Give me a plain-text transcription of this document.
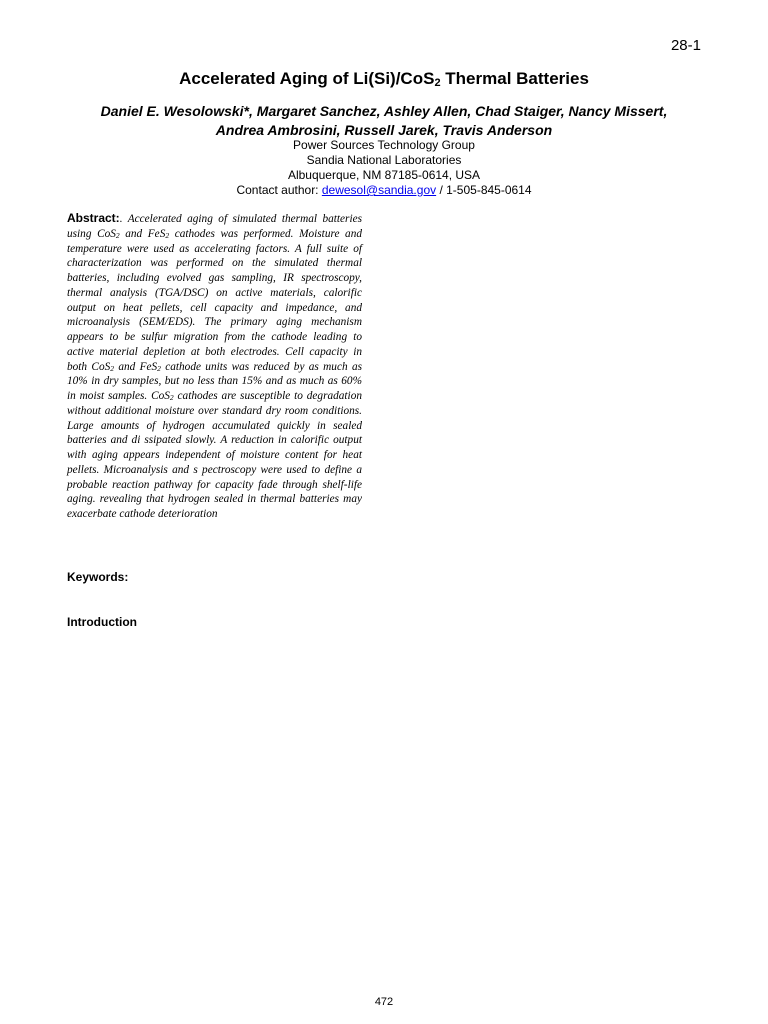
28-1
Accelerated Aging of Li(Si)/CoS$_2$ Thermal Batteries
Daniel E. Wesolowski*, Margaret Sanchez, Ashley Allen, Chad Staiger, Nancy Missert,
Andrea Ambrosini, Russell Jarek, Travis Anderson
Power Sources Technology Group
Sandia National Laboratories
Albuquerque, NM 87185-0614, USA
Contact author: dewesol@sandia.gov / 1-505-845-0614
Abstract:. Accelerated aging of simulated thermal batteries using CoS$_2$ and FeS$_2$ cathodes was performed. Moisture and temperature were used as accelerating factors. A full suite of characterization was performed on the simulated thermal batteries, including evolved gas sampling, IR spectroscopy, thermal analysis (TGA/DSC) on active materials, calorific output on heat pellets, cell capacity and impedance, and microanalysis (SEM/EDS). The primary aging mechanism appears to be sulfur migration from the cathode leading to active material depletion at both electrodes. Cell capacity in both CoS$_2$ and FeS$_2$ cathode units was reduced by as much as 10% in dry samples, but no less than 15% and as much as 60% in moist samples. CoS$_2$ cathodes are susceptible to degradation without additional moisture over standard dry room conditions. Large amounts of hydrogen accumulated quickly in sealed batteries and di ssipated slowly. A reduction in calorific output with aging appears independent of moisture content for heat pellets. Microanalysis and s pectroscopy were used to define a probable reaction pathway for capacity fade through shelf-life aging. revealing that hydrogen sealed in thermal batteries may exacerbate cathode deterioration
Keywords:
Introduction
472
